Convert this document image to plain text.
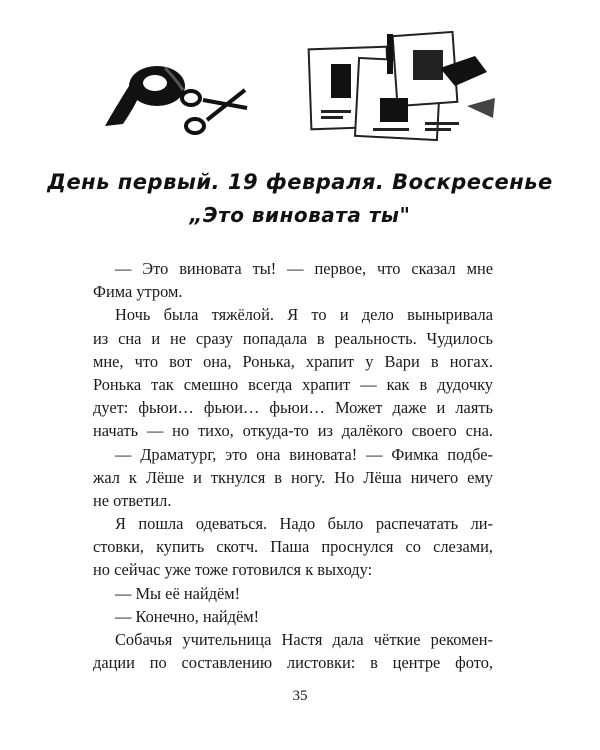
День первый. 19 февраля. Воскресенье
„Это виновата ты"
— Это виновата ты! — первое, что сказал мне
Фима утром.
Ночь была тяжёлой. Я то и дело выныривала
из сна и не сразу попадала в реальность. Чудилось
мне, что вот она, Ронька, храпит у Вари в ногах.
Ронька так смешно всегда храпит — как в дудочку
дует: фьюи… фьюи… фьюи… Может даже и лаять
начать — но тихо, откуда-то из далёкого своего сна.
— Драматург, это она виновата! — Фимка подбе-
жал к Лёше и ткнулся в ногу. Но Лёша ничего ему
не ответил.
Я пошла одеваться. Надо было распечатать ли-
стовки, купить скотч. Паша проснулся со слезами,
но сейчас уже тоже готовился к выходу:
— Мы её найдём!
— Конечно, найдём!
Собачья учительница Настя дала чёткие рекомен-
дации по составлению листовки: в центре фото,
35
